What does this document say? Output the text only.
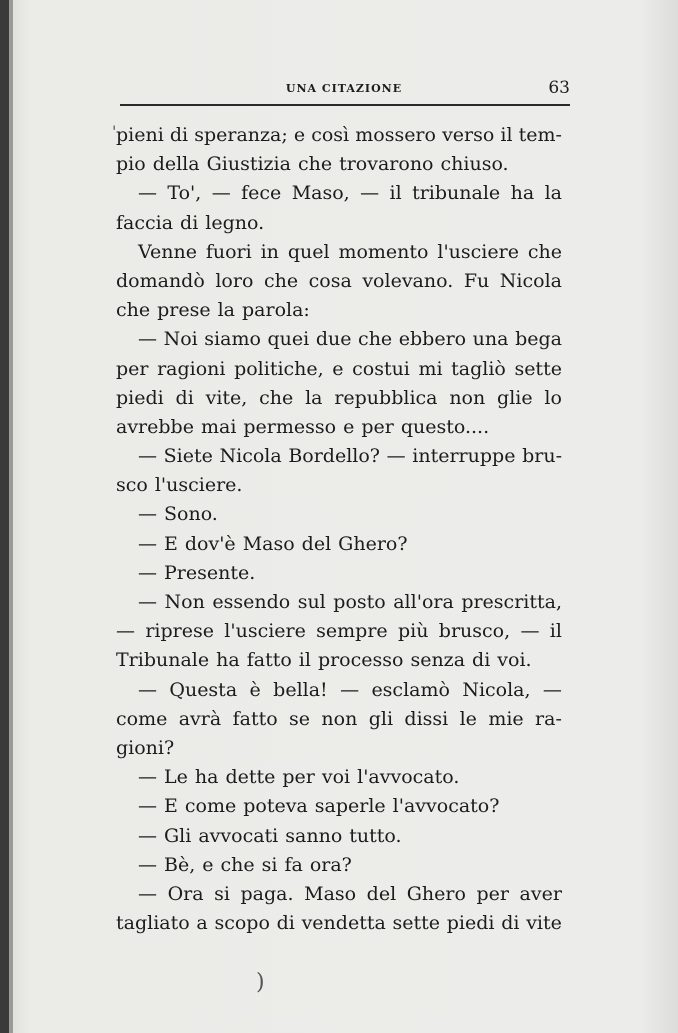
UNA CITAZIONE	63
pieni di speranza; e così mossero verso il tem-
pio della Giustizia che trovarono chiuso.
— To', — fece Maso, — il tribunale ha la
faccia di legno.
Venne fuori in quel momento l'usciere che
domandò loro che cosa volevano. Fu Nicola
che prese la parola:
— Noi siamo quei due che ebbero una bega
per ragioni politiche, e costui mi tagliò sette
piedi di vite, che la repubblica non glie lo
avrebbe mai permesso e per questo....
— Siete Nicola Bordello? — interruppe bru-
sco l'usciere.
— Sono.
— E dov'è Maso del Ghero?
— Presente.
— Non essendo sul posto all'ora prescritta,
— riprese l'usciere sempre più brusco, — il
Tribunale ha fatto il processo senza di voi.
— Questa è bella! — esclamò Nicola, —
come avrà fatto se non gli dissi le mie ra-
gioni?
— Le ha dette per voi l'avvocato.
— E come poteva saperle l'avvocato?
— Gli avvocati sanno tutto.
— Bè, e che si fa ora?
— Ora si paga. Maso del Ghero per aver
tagliato a scopo di vendetta sette piedi di vite
'
)
